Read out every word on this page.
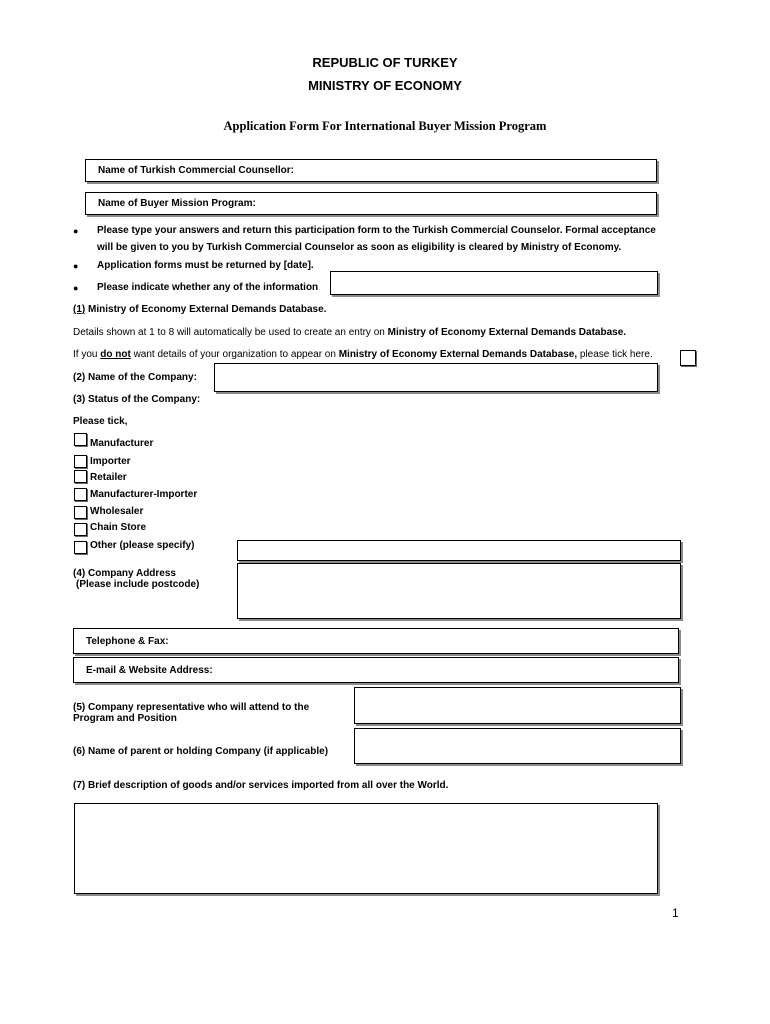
REPUBLIC OF TURKEY
MINISTRY OF ECONOMY
Application Form For International Buyer Mission Program
Name of Turkish Commercial Counsellor:
Name of Buyer Mission Program:
● Please type your answers and return this participation form to the Turkish Commercial Counselor. Formal acceptance
will be given to you by Turkish Commercial Counselor as soon as eligibility is cleared by Ministry of Economy.
● Application forms must be returned by [date].
● Please indicate whether any of the information
(1) Ministry of Economy External Demands Database.
Details shown at 1 to 8 will automatically be used to create an entry on Ministry of Economy External Demands Database.
If you do not want details of your organization to appear on Ministry of Economy External Demands Database, please tick here.
(2) Name of the Company:
(3) Status of the Company:
Please tick,
Manufacturer
Importer
Retailer
Manufacturer-Importer
Wholesaler
Chain Store
Other (please specify)
(4) Company Address
(Please include postcode)
Telephone & Fax:
E-mail & Website Address:
(5) Company representative who will attend to the
Program and Position
(6) Name of parent or holding Company (if applicable)
(7) Brief description of goods and/or services imported from all over the World.
1
